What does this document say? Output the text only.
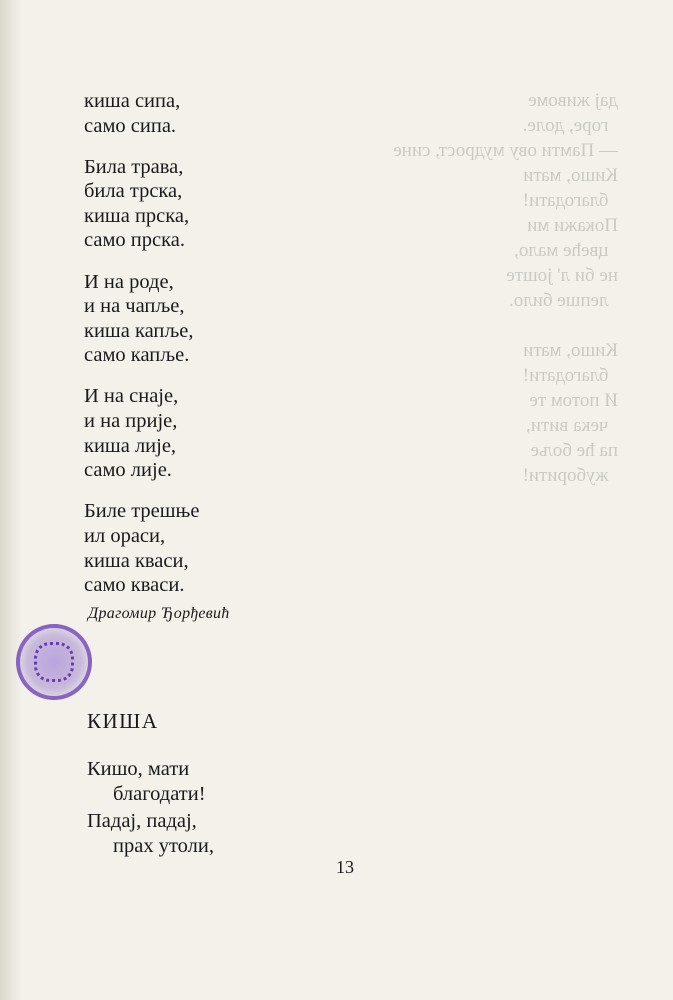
дај живоме
горе, доле.
— Памти ову мудрост, сине
Кишо, мати
благодати!
Покажи ми
цвеће мало,
не би л' јоште
лепше било.

Кишо, мати
благодати!
И потом те
чека вити,
па ће боље
жуборити!
киша сипа,
само сипа.
Била трава,
била трска,
киша прска,
само прска.
И на роде,
и на чапље,
киша капље,
само капље.
И на снаје,
и на прије,
киша лије,
само лије.
Биле трешње
ил ораси,
киша кваси,
само кваси.
Драгомир Ђорђевић
КИША
Кишо, мати
благодати!
Падај, падај,
прах утоли,
13
